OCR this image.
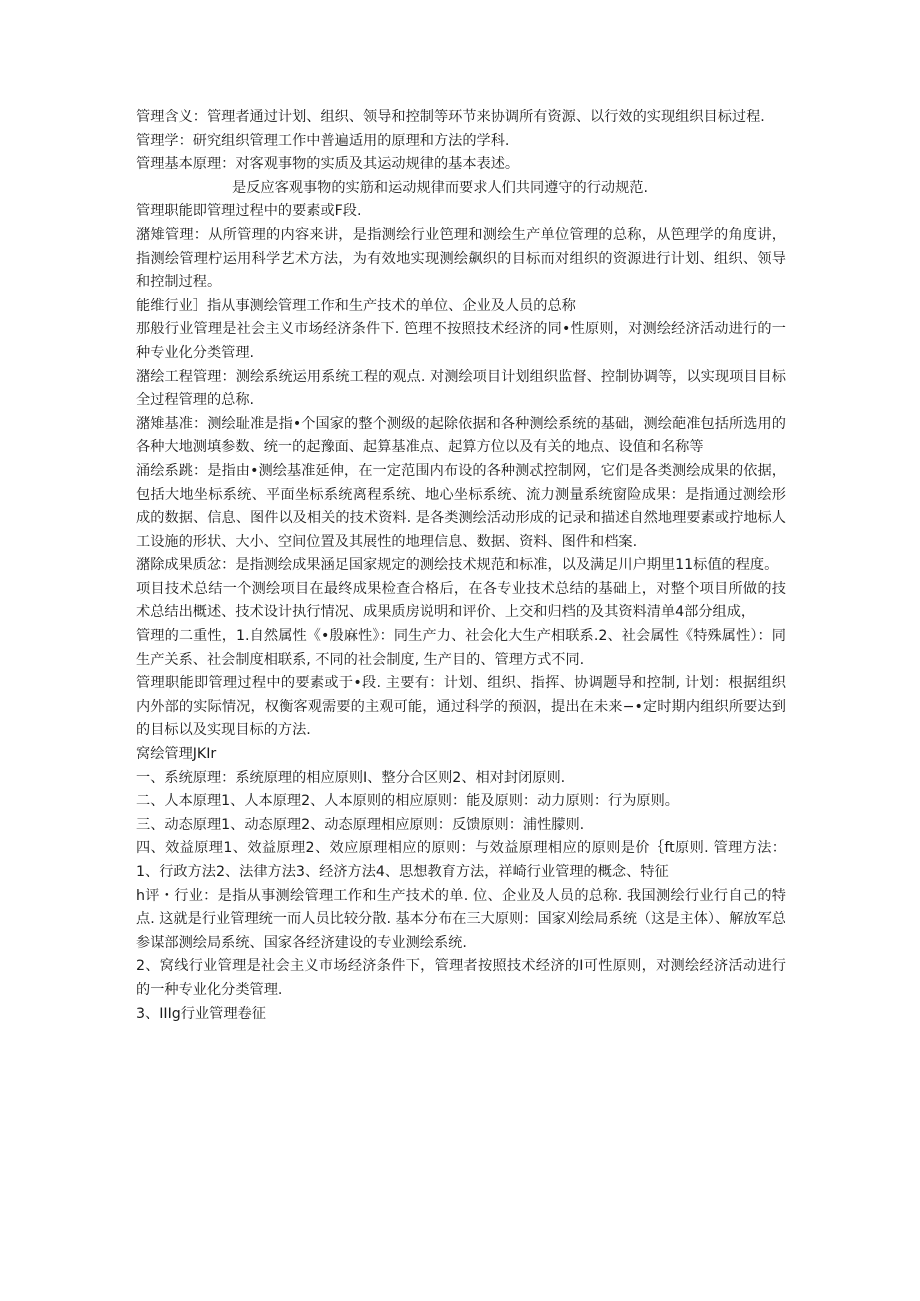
管理含义：管理者通过计划、组织、领导和控制等环节来协调所有资源、以行效的实现组织目标过程.

管理学：研究组织管理工作中普遍适用的原理和方法的学科.

管理基本原理：对客观事物的实质及其运动规律的基本表述。

是反应客观事物的实筋和运动规律而要求人们共同遵守的行动规范.

管理职能即管理过程中的要素或F段.

潴雉管理：从所管理的内容来讲，是指测绘行业笆理和测绘生产单位管理的总称，从笆理学的角度讲，指测绘管理柠运用科学艺术方法，为有效地实现测绘飙织的目标而对组织的资源进行计划、组织、领导和控制过程。

能维行业］指从事测绘管理工作和生产技术的单位、企业及人员的总称

那般行业管理是社会主义市场经济条件下. 笆理不按照技术经济的同•性原则，对测绘经济活动进行的一种专业化分类管理.

潴绘工程管理：测绘系统运用系统工程的观点. 对测绘项目计划组织监督、控制协调等，以实现项目目标全过程管理的总称.

潴雉基准：测绘耻准是指•个国家的整个测级的起除依据和各种测绘系统的基础，测绘葩准包括所选用的各种大地测填参数、统一的起豫面、起算基准点、起算方位以及有关的地点、设值和名称等

涌绘系跳：是指由•测绘基准延伸，在一定范围内布设的各种测忒控制网，它们是各类测绘成果的依据，包括大地坐标系统、平面坐标系统离程系统、地心坐标系统、流力测量系统窗险成果：是指通过测绘形成的数据、信息、图件以及相关的技术资料. 是各类测绘活动形成的记录和描述自然地理要素或拧地标人工设施的形状、大小、空间位置及其展性的地理信息、数据、资料、图件和档案.

潴除成果质忿：是指测绘成果涵足国家规定的测绘技术规范和标准，以及满足川户期里11标值的程度。

项目技术总结一个测绘项目在最终成果检查合格后，在各专业技术总结的基础上，对整个项目所做的技术总结出概述、技术设计执行情况、成果质房说明和评价、上交和归档的及其资料清单4部分组成，

管理的二重性，1.自然属性《•殷麻性》：同生产力、社会化大生产相联系.2、社会属性《特殊属性）：同生产关系、社会制度相联系, 不同的社会制度, 生产目的、管理方式不同.

管理职能即管理过程中的要素或于•段. 主要有：计划、组织、指挥、协调题导和控制, 计划：根据组织内外部的实际情况，权衡客观需要的主观可能，通过科学的预泅，提出在未来−•定时期内组织所要达到的目标以及实现目标的方法.

窝绘管理JKIr

一、系统原理：系统原理的相应原则I、整分合区则2、相对封闭原则.

二、人本原理1、人本原理2、人本原则的相应原则：能及原则：动力原则：行为原则。

三、动态原理1、动态原理2、动态原理相应原则：反馈原则：浦性朦则.

四、效益原理1、效益原理2、效应原理相应的原则：与效益原理相应的原则是价｛ft原则. 管理方法：1、行政方法2、法律方法3、经济方法4、思想教育方法，祥崎行业管理的概念、特征

h评・行业：是指从事测绘管理工作和生产技术的单. 位、企业及人员的总称. 我国测绘行业行自己的特点. 这就是行业管理统一而人员比较分散. 基本分布在三大原则：国家刈绘局系统（这是主体）、解放军总参谋部测绘局系统、国家各经济建设的专业测绘系统.

2、窝线行业管理是社会主义市场经济条件下，管理者按照技术经济的I可性原则，对测绘经济活动进行的一种专业化分类管理.

3、IIIg行业管理卷征
